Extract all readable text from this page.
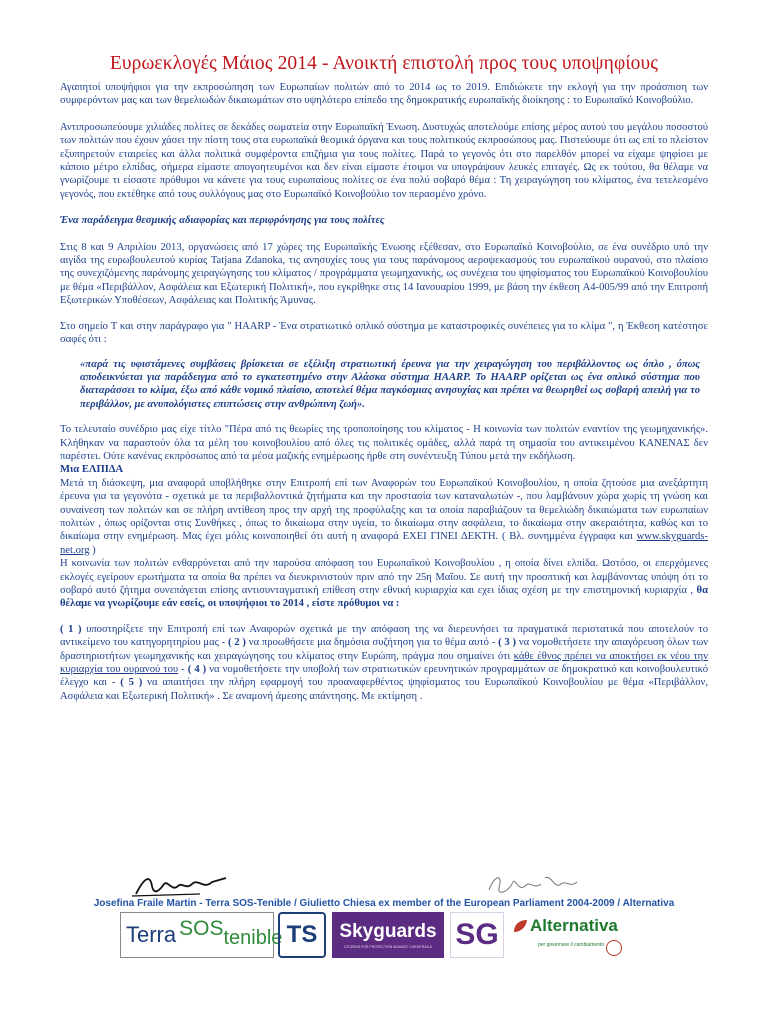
Ευρωεκλογές Μάιος 2014 - Ανοικτή επιστολή προς τους υποψηφίους

Αγαπητοί υποψήφιοι για την εκπροσώπηση των Ευρωπαίων πολιτών από το 2014 ως το 2019. Επιδιώκετε την εκλογή για την προάσπιση των συμφερόντων μας και των θεμελιωδών δικαιωμάτων στο υψηλότερο επίπεδο της δημοκρατικής ευρωπαϊκής διοίκησης : το Ευρωπαϊκό Κοινοβούλιο.

Αντιπροσωπεύουμε χιλιάδες πολίτες σε δεκάδες σωματεία στην Ευρωπαϊκή Ένωση. Δυστυχώς αποτελούμε επίσης μέρος αυτού του μεγάλου ποσοστού των πολιτών που έχουν χάσει την πίστη τους στα ευρωπαϊκά θεσμικά όργανα και τους πολιτικούς εκπροσώπους μας. Πιστεύουμε ότι ως επί το πλείστον εξυπηρετούν εταιρείες και άλλα πολιτικά συμφέροντα επιζήμια για τους πολίτες. Παρά το γεγονός ότι στο παρελθόν μπορεί να είχαμε ψηφίσει με κάποιο μέτρο ελπίδας, σήμερα είμαστε απογοητευμένοι και δεν είναι είμαστε έτοιμοι να υπογράψουν λευκές επιταγές. Ως εκ τούτου, θα θέλαμε να γνωρίζουμε τι είσαστε πρόθυμοι να κάνετε για τους ευρωπαίους πολίτες σε ένα πολύ σοβαρό θέμα : Τη χειραγώγηση του κλίματος, ένα τετελεσμένο γεγονός, που εκτέθηκε από τους συλλόγους μας στο Ευρωπαϊκό Κοινοβούλιο τον περασμένο χρόνο.

Ένα παράδειγμα θεσμικής αδιαφορίας και περιφρόνησης για τους πολίτες

Στις 8 και 9 Απριλίου 2013, οργανώσεις από 17 χώρες της Ευρωπαϊκής Ένωσης εξέθεσαν, στο Ευρωπαϊκό Κοινοβούλιο, σε ένα συνέδριο υπό την αιγίδα της ευρωβουλευτού κυρίας Tatjana Zdanoka, τις ανησυχίες τους για τους παράνομους αεροψεκασμούς του ευρωπαϊκού ουρανού, στο πλαίσιο της συνεχιζόμενης παράνομης χειραγώγησης του κλίματος / προγράμματα γεωμηχανικής, ως συνέχεια του ψηφίσματος του Ευρωπαϊκού Κοινοβουλίου με θέμα «Περιβάλλον, Ασφάλεια και Εξωτερική Πολιτική», που εγκρίθηκε στις 14 Ιανουαρίου 1999, με βάση την έκθεση A4-005/99 από την Επιτροπή Εξωτερικών Υποθέσεων, Ασφάλειας και Πολιτικής Άμυνας.

Στο σημείο Τ και στην παράγραφο για " HAARP - Ένα στρατιωτικό οπλικό σύστημα με καταστροφικές συνέπειες για το κλίμα ", η Έκθεση κατέστησε σαφές ότι :

«παρά τις υφιστάμενες συμβάσεις βρίσκεται σε εξέλιξη στρατιωτική έρευνα για την χειραγώγηση του περιβάλλοντος ως όπλο , όπως αποδεικνύεται για παράδειγμα από το εγκατεστημένο στην Αλάσκα σύστημα HAARP. Το HAARP ορίζεται ως ένα οπλικό σύστημα που διαταράσσει το κλίμα, έξω από κάθε νομικό πλαίσιο, αποτελεί θέμα παγκόσμιας ανησυχίας και πρέπει να θεωρηθεί ως σοβαρή απειλή για το περιβάλλον, με ανυπολόγιστες επιπτώσεις στην ανθρώπινη ζωή».

Το τελευταίο συνέδριο μας είχε τίτλο "Πέρα από τις θεωρίες της τροποποίησης του κλίματος - Η κοινωνία των πολιτών εναντίον της γεωμηχανικής». Κλήθηκαν να παραστούν όλα τα μέλη του κοινοβουλίου από όλες τις πολιτικές ομάδες, αλλά παρά τη σημασία του αντικειμένου ΚΑΝΕΝΑΣ δεν παρέστει. Ούτε κανένας εκπρόσωπος από τα μέσα μαζικής ενημέρωσης ήρθε στη συνέντευξη Τύπου μετά την εκδήλωση.

Μια ΕΛΠΙΔΑ

Μετά τη διάσκεψη, μια αναφορά υποβλήθηκε στην Επιτροπή επί των Αναφορών του Ευρωπαϊκού Κοινοβουλίου, η οποία ζητούσε μια ανεξάρτητη έρευνα για τα γεγονότα - σχετικά με τα περιβαλλοντικά ζητήματα και την προστασία των καταναλωτών -, που λαμβάνουν χώρα χωρίς τη γνώση και συναίνεση των πολιτών και σε πλήρη αντίθεση προς την αρχή της προφύλαξης και τα οποία παραβιάζουν τα θεμελιώδη δικαιώματα των ευρωπαίων πολιτών , όπως ορίζονται στις Συνθήκες , όπως το δικαίωμα στην υγεία, το δικαίωμα στην ασφάλεια, το δικαίωμα στην ακεραιότητα, καθώς και το δικαίωμα στην ενημέρωση. Μας έχει μόλις κοινοποιηθεί ότι αυτή η αναφορά ΕΧΕΙ ΓΙΝΕΙ ΔΕΚΤΗ. ( Βλ. συνημμένα έγγραφα και www.skyguards-net.org )

Η κοινωνία των πολιτών ενθαρρύνεται από την παρούσα απόφαση του Ευρωπαϊκού Κοινοβουλίου , η οποία δίνει ελπίδα. Ωστόσο, οι επερχόμενες εκλογές εγείρουν ερωτήματα τα οποία θα πρέπει να διευκρινιστούν πριν από την 25η Μαΐου. Σε αυτή την προοπτική και λαμβάνοντας υπόψη ότι το σοβαρό αυτό ζήτημα συνεπάγεται επίσης αντισυνταγματική επίθεση στην εθνική κυριαρχία και εχει ίδιας σχέση με την επιστημονική κυριαρχία , θα θέλαμε να γνωρίζουμε εάν εσείς, οι υποψήφιοι το 2014 , είστε πρόθυμοι να :

( 1 ) υποστηρίξετε την Επιτροπή επί των Αναφορών σχετικά με την απόφαση της να διερευνήσει τα πραγματικά περιστατικά που αποτελούν το αντικείμενο του κατηγορητηρίου μας - ( 2 ) να προωθήσετε μια δημόσια συζήτηση για το θέμα αυτό - ( 3 ) να νομοθετήσετε την απαγόρευση όλων των δραστηριοτήτων γεωμηχανικής και χειραγώγησης του κλίματος στην Ευρώπη, πράγμα που σημαίνει ότι κάθε έθνος πρέπει να αποκτήσει εκ νέου την κυριαρχία του ουρανού του - ( 4 ) να νομοθετήσετε την υποβολή των στρατιωτικών ερευνητικών προγραμμάτων σε δημοκρατικό και κοινοβουλευτικό έλεγχο και - ( 5 ) να απαιτήσει την πλήρη εφαρμογή του προαναφερθέντος ψηφίσματος του Ευρωπαϊκού Κοινοβουλίου με θέμα «Περιβάλλον, Ασφάλεια και Εξωτερική Πολιτική» . Σε αναμονή άμεσης απάντησης. Με εκτίμηση .

Josefina Fraile Martin - Terra SOS-Tenible / Giulietto Chiesa ex member of the European Parliament 2004-2009 / Alternativa
Terra SOS tenible TS	Skyguards
CITIZENS FOR PROTECTION AGAINST CHEMTRAILS SG	Alternativa
per governare il cambiamento
